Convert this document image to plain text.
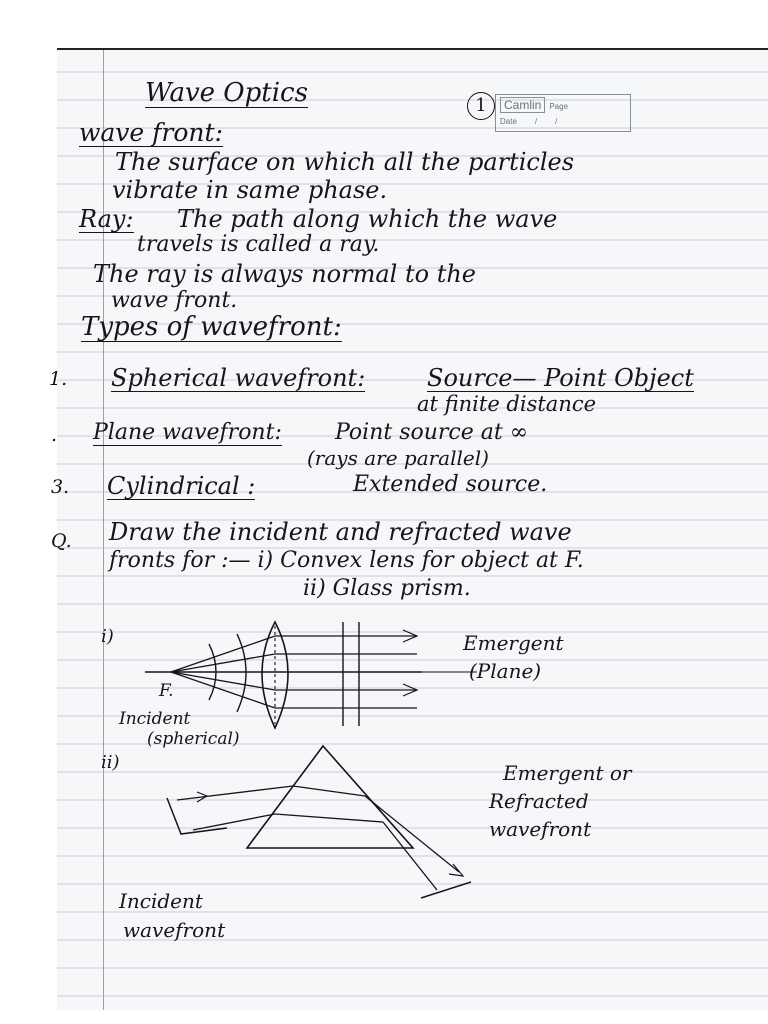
1	Camlin Page
Date / /
Wave Optics
wave front:
The surface on which all the particles
vibrate in same phase.
Ray: The path along which the wave
travels is called a ray.
The ray is always normal to the
wave front.
Types of wavefront:
1. Spherical wavefront:	Source— Point Object
at finite distance
. Plane wavefront: Point source at ∞
(rays are parallel)
3. Cylindrical :	Extended source.
Q. Draw the incident and refracted wave
fronts for :— i) Convex lens for object at F.
ii) Glass prism.
i)
F.
Emergent
(Plane)
Incident
(spherical)
ii)	Emergent or
Refracted
wavefront
Incident
wavefront
